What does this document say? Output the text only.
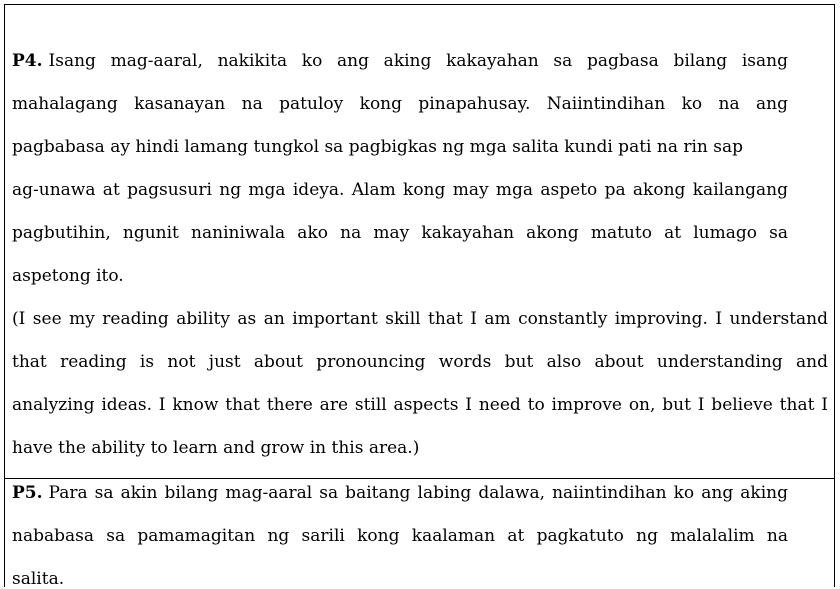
P4. Isang mag-aaral, nakikita ko ang aking kakayahan sa pagbasa bilang isang
mahalagang kasanayan na patuloy kong pinapahusay. Naiintindihan ko na ang
pagbabasa ay hindi lamang tungkol sa pagbigkas ng mga salita kundi pati na rin sap
ag-unawa at pagsusuri ng mga ideya. Alam kong may mga aspeto pa akong kailangang
pagbutihin, ngunit naniniwala ako na may kakayahan akong matuto at lumago sa
aspetong ito.
(I see my reading ability as an important skill that I am constantly improving. I understand
that reading is not just about pronouncing words but also about understanding and
analyzing ideas. I know that there are still aspects I need to improve on, but I believe that I
have the ability to learn and grow in this area.)
P5. Para sa akin bilang mag-aaral sa baitang labing dalawa, naiintindihan ko ang aking
nababasa sa pamamagitan ng sarili kong kaalaman at pagkatuto ng malalalim na
salita.
